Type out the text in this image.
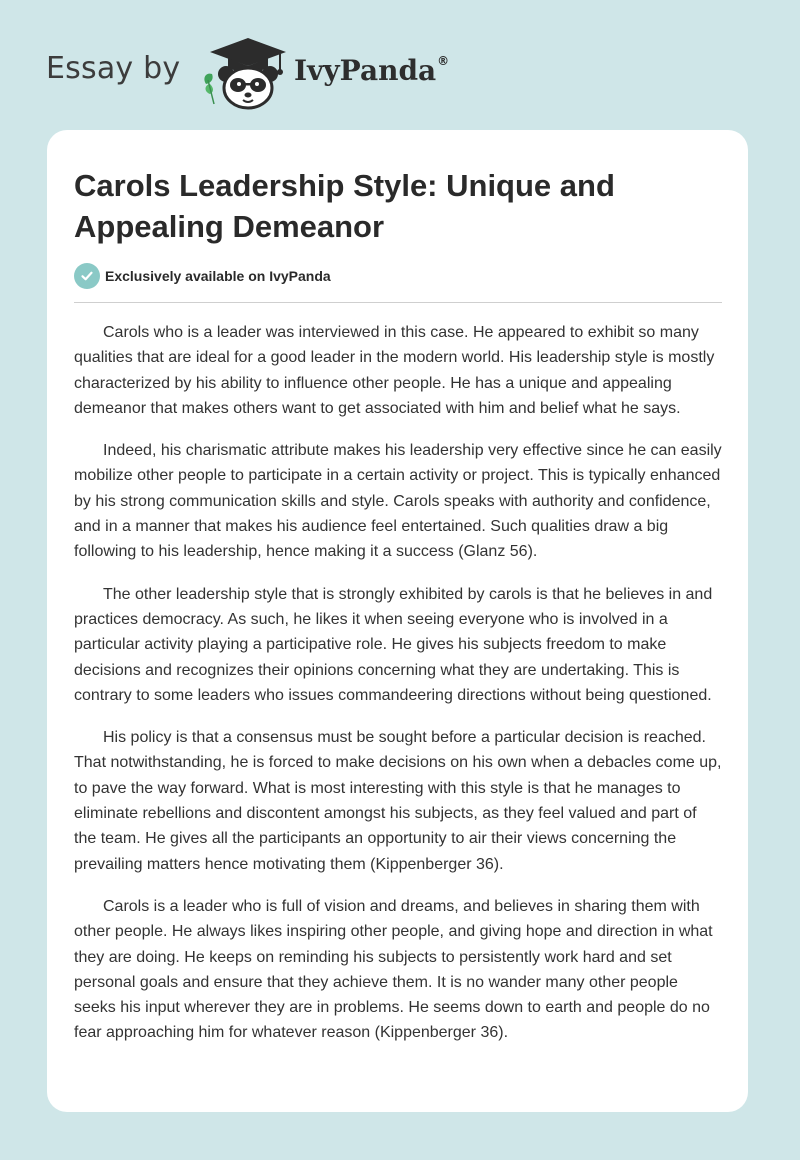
Essay by	IvyPanda®
Carols Leadership Style: Unique and Appealing Demeanor
Exclusively available on IvyPanda

Carols who is a leader was interviewed in this case. He appeared to exhibit so many qualities that are ideal for a good leader in the modern world. His leadership style is mostly characterized by his ability to influence other people. He has a unique and appealing demeanor that makes others want to get associated with him and belief what he says.

Indeed, his charismatic attribute makes his leadership very effective since he can easily mobilize other people to participate in a certain activity or project. This is typically enhanced by his strong communication skills and style. Carols speaks with authority and confidence, and in a manner that makes his audience feel entertained. Such qualities draw a big following to his leadership, hence making it a success (Glanz 56).

The other leadership style that is strongly exhibited by carols is that he believes in and practices democracy. As such, he likes it when seeing everyone who is involved in a particular activity playing a participative role. He gives his subjects freedom to make decisions and recognizes their opinions concerning what they are undertaking. This is contrary to some leaders who issues commandeering directions without being questioned.

His policy is that a consensus must be sought before a particular decision is reached. That notwithstanding, he is forced to make decisions on his own when a debacles come up, to pave the way forward. What is most interesting with this style is that he manages to eliminate rebellions and discontent amongst his subjects, as they feel valued and part of the team. He gives all the participants an opportunity to air their views concerning the prevailing matters hence motivating them (Kippenberger 36).

Carols is a leader who is full of vision and dreams, and believes in sharing them with other people. He always likes inspiring other people, and giving hope and direction in what they are doing. He keeps on reminding his subjects to persistently work hard and set personal goals and ensure that they achieve them. It is no wander many other people seeks his input wherever they are in problems. He seems down to earth and people do no fear approaching him for whatever reason (Kippenberger 36).
